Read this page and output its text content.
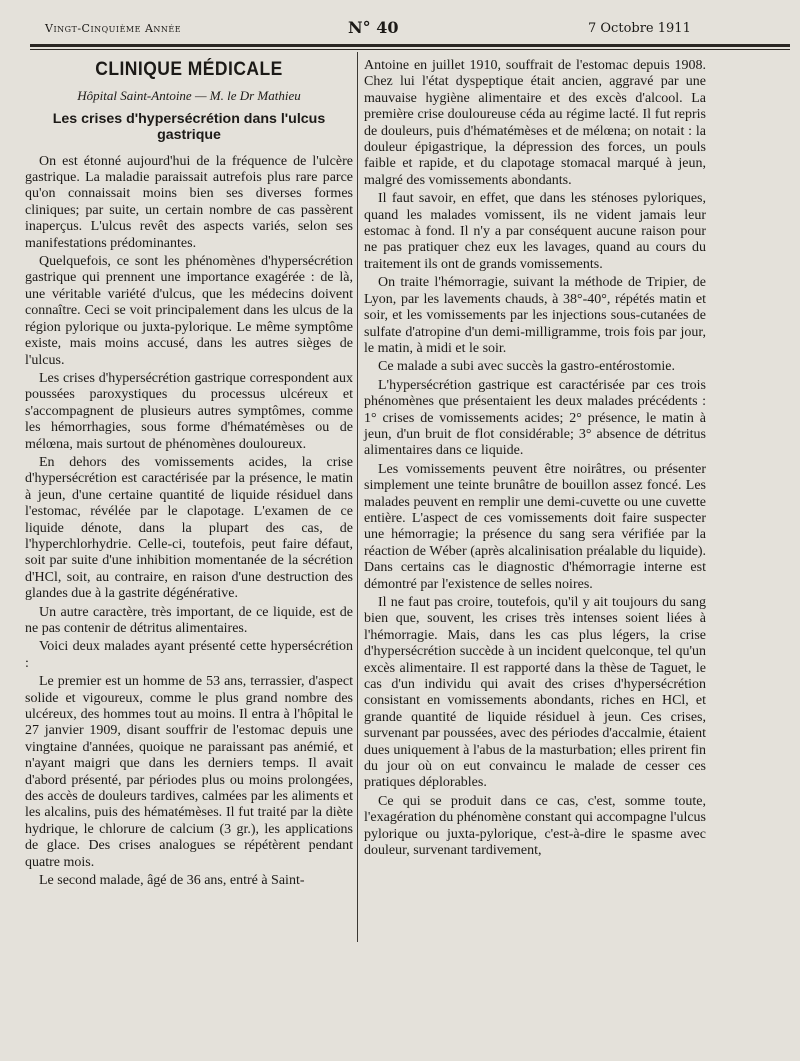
Vingt-Cinquième Année	N° 40	7 Octobre 1911
CLINIQUE MÉDICALE
Hôpital Saint-Antoine — M. le Dr Mathieu
Les crises d'hypersécrétion dans l'ulcus gastrique

On est étonné aujourd'hui de la fréquence de l'ulcère gastrique. La maladie paraissait autrefois plus rare parce qu'on connaissait moins bien ses diverses formes cliniques; par suite, un certain nombre de cas passèrent inaperçus. L'ulcus revêt des aspects variés, selon ses manifestations prédominantes.

Quelquefois, ce sont les phénomènes d'hypersécrétion gastrique qui prennent une importance exagérée : de là, une véritable variété d'ulcus, que les médecins doivent connaître. Ceci se voit principalement dans les ulcus de la région pylorique ou juxta-pylorique. Le même symptôme existe, mais moins accusé, dans les autres sièges de l'ulcus.

Les crises d'hypersécrétion gastrique correspondent aux poussées paroxystiques du processus ulcéreux et s'accompagnent de plusieurs autres symptômes, comme les hémorrhagies, sous forme d'hématémèses ou de mélœna, mais surtout de phénomènes douloureux.

En dehors des vomissements acides, la crise d'hypersécrétion est caractérisée par la présence, le matin à jeun, d'une certaine quantité de liquide résiduel dans l'estomac, révélée par le clapotage. L'examen de ce liquide dénote, dans la plupart des cas, de l'hyperchlorhydrie. Celle-ci, toutefois, peut faire défaut, soit par suite d'une inhibition momentanée de la sécrétion d'HCl, soit, au contraire, en raison d'une destruction des glandes due à la gastrite dégénérative.

Un autre caractère, très important, de ce liquide, est de ne pas contenir de détritus alimentaires.

Voici deux malades ayant présenté cette hypersécrétion :

Le premier est un homme de 53 ans, terrassier, d'aspect solide et vigoureux, comme le plus grand nombre des ulcéreux, des hommes tout au moins. Il entra à l'hôpital le 27 janvier 1909, disant souffrir de l'estomac depuis une vingtaine d'années, quoique ne paraissant pas anémié, et n'ayant maigri que dans les derniers temps. Il avait d'abord présenté, par périodes plus ou moins prolongées, des accès de douleurs tardives, calmées par les aliments et les alcalins, puis des hématémèses. Il fut traité par la diète hydrique, le chlorure de calcium (3 gr.), les applications de glace. Des crises analogues se répétèrent pendant quatre mois.

Le second malade, âgé de 36 ans, entré à Saint-

Antoine en juillet 1910, souffrait de l'estomac depuis 1908. Chez lui l'état dyspeptique était ancien, aggravé par une mauvaise hygiène alimentaire et des excès d'alcool. La première crise douloureuse céda au régime lacté. Il fut repris de douleurs, puis d'hématémèses et de mélœna; on notait : la douleur épigastrique, la dépression des forces, un pouls faible et rapide, et du clapotage stomacal marqué à jeun, malgré des vomissements abondants.

Il faut savoir, en effet, que dans les sténoses pyloriques, quand les malades vomissent, ils ne vident jamais leur estomac à fond. Il n'y a par conséquent aucune raison pour ne pas pratiquer chez eux les lavages, quand au cours du traitement ils ont de grands vomissements.

On traite l'hémorragie, suivant la méthode de Tripier, de Lyon, par les lavements chauds, à 38°-40°, répétés matin et soir, et les vomissements par les injections sous-cutanées de sulfate d'atropine d'un demi-milligramme, trois fois par jour, le matin, à midi et le soir.

Ce malade a subi avec succès la gastro-entérostomie.

L'hypersécrétion gastrique est caractérisée par ces trois phénomènes que présentaient les deux malades précédents : 1° crises de vomissements acides; 2° présence, le matin à jeun, d'un bruit de flot considérable; 3° absence de détritus alimentaires dans ce liquide.

Les vomissements peuvent être noirâtres, ou présenter simplement une teinte brunâtre de bouillon assez foncé. Les malades peuvent en remplir une demi-cuvette ou une cuvette entière. L'aspect de ces vomissements doit faire suspecter une hémorragie; la présence du sang sera vérifiée par la réaction de Wéber (après alcalinisation préalable du liquide). Dans certains cas le diagnostic d'hémorragie interne est démontré par l'existence de selles noires.

Il ne faut pas croire, toutefois, qu'il y ait toujours du sang bien que, souvent, les crises très intenses soient liées à l'hémorragie. Mais, dans les cas plus légers, la crise d'hypersécrétion succède à un incident quelconque, tel qu'un excès alimentaire. Il est rapporté dans la thèse de Taguet, le cas d'un individu qui avait des crises d'hypersécrétion consistant en vomissements abondants, riches en HCl, et grande quantité de liquide résiduel à jeun. Ces crises, survenant par poussées, avec des périodes d'accalmie, étaient dues uniquement à l'abus de la masturbation; elles prirent fin du jour où on eut convaincu le malade de cesser ces pratiques déplorables.

Ce qui se produit dans ce cas, c'est, somme toute, l'exagération du phénomène constant qui accompagne l'ulcus pylorique ou juxta-pylorique, c'est-à-dire le spasme avec douleur, survenant tardivement,
